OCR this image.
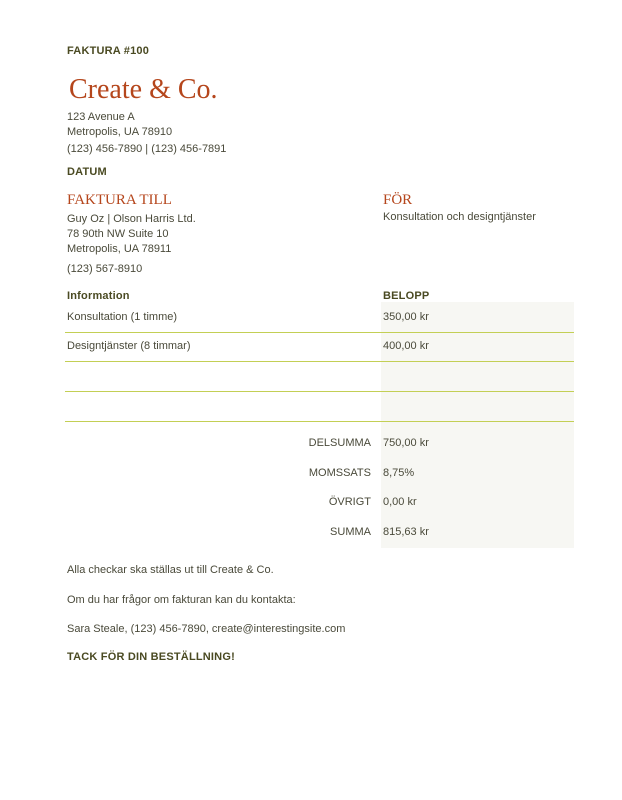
FAKTURA #100
Create & Co.
123 Avenue A
Metropolis, UA 78910
(123) 456-7890 | (123) 456-7891
DATUM
FAKTURA TILL
Guy Oz | Olson Harris Ltd.
78 90th NW Suite 10
Metropolis, UA 78911
(123) 567-8910
FÖR
Konsultation och designtjänster
Information	BELOPP
Konsultation (1 timme)	350,00 kr
Designtjänster (8 timmar)	400,00 kr
DELSUMMA 750,00 kr
MOMSSATS 8,75%
ÖVRIGT 0,00 kr
SUMMA 815,63 kr
Alla checkar ska ställas ut till Create & Co.
Om du har frågor om fakturan kan du kontakta:
Sara Steale, (123) 456-7890, create@interestingsite.com
TACK FÖR DIN BESTÄLLNING!
